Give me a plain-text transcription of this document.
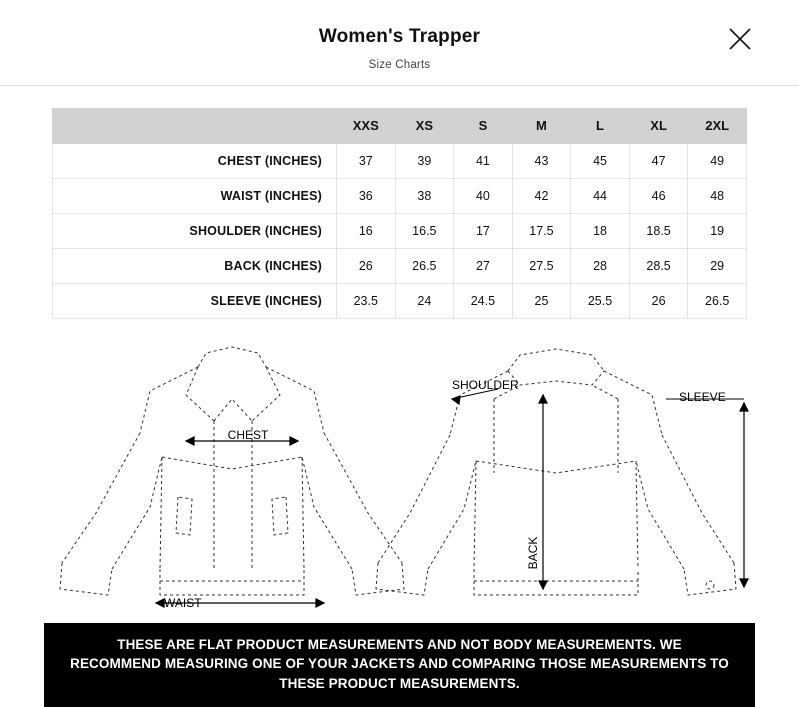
Women's Trapper
Size Charts
	XXS	XS	S	M	L	XL	2XL
CHEST (INCHES)	37	39	41	43	45	47	49
WAIST (INCHES)	36	38	40	42	44	46	48
SHOULDER (INCHES)	16	16.5	17	17.5	18	18.5	19
BACK (INCHES)	26	26.5	27	27.5	28	28.5	29
SLEEVE (INCHES)	23.5	24	24.5	25	25.5	26	26.5
CHEST
WAIST
SHOULDER
SLEEVE
BACK
THESE ARE FLAT PRODUCT MEASUREMENTS AND NOT BODY MEASUREMENTS. WE RECOMMEND MEASURING ONE OF YOUR JACKETS AND COMPARING THOSE MEASUREMENTS TO THESE PRODUCT MEASUREMENTS.
